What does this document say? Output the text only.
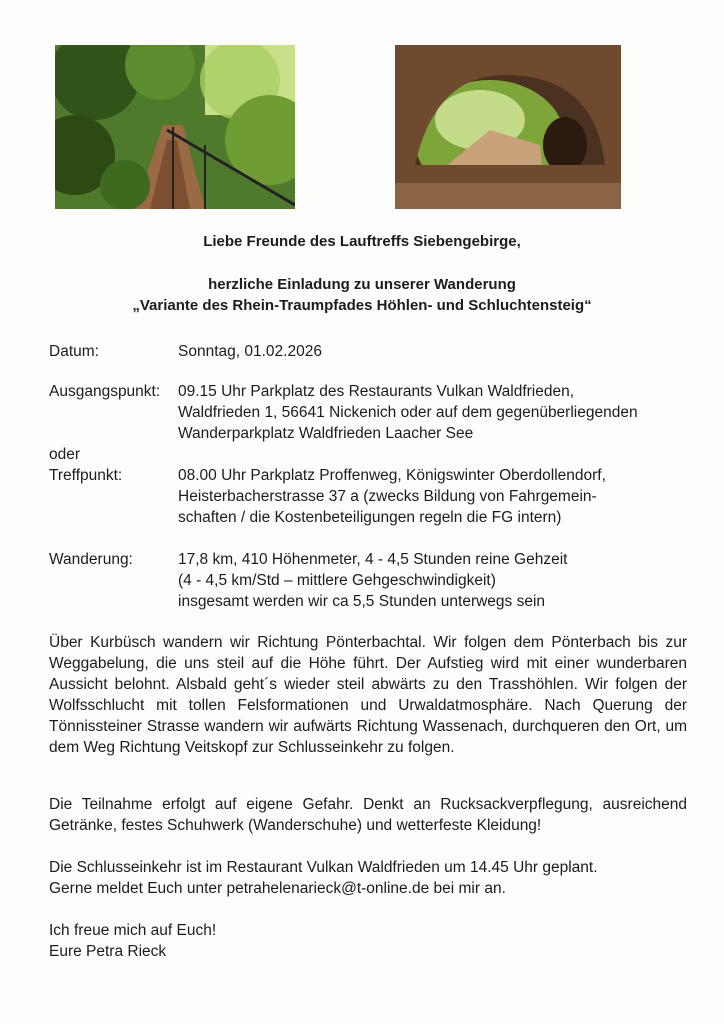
Liebe Freunde des Lauftreffs Siebengebirge,
herzliche Einladung zu unserer Wanderung
„Variante des Rhein-Traumpfades Höhlen- und Schluchtensteig“
Datum:	Sonntag, 01.02.2026
Ausgangspunkt: 09.15 Uhr Parkplatz des Restaurants Vulkan Waldfrieden,
Waldfrieden 1, 56641 Nickenich oder auf dem gegenüberliegenden
Wanderparkplatz Waldfrieden Laacher See
oder
Treffpunkt:	08.00 Uhr Parkplatz Proffenweg, Königswinter Oberdollendorf,
Heisterbacherstrasse 37 a (zwecks Bildung von Fahrgemein-
schaften / die Kostenbeteiligungen regeln die FG intern)
Wanderung:	17,8 km, 410 Höhenmeter, 4 - 4,5 Stunden reine Gehzeit
(4 - 4,5 km/Std – mittlere Gehgeschwindigkeit)
insgesamt werden wir ca 5,5 Stunden unterwegs sein
Über Kurbüsch wandern wir Richtung Pönterbachtal. Wir folgen dem Pönterbach bis zur Weggabelung, die uns steil auf die Höhe führt. Der Aufstieg wird mit einer wunderbaren Aussicht belohnt. Alsbald geht´s wieder steil abwärts zu den Trasshöhlen. Wir folgen der Wolfsschlucht mit tollen Felsformationen und Urwaldatmosphäre. Nach Querung der Tönnissteiner Strasse wandern wir aufwärts Richtung Wassenach, durchqueren den Ort, um dem Weg Richtung Veitskopf zur Schlusseinkehr zu folgen.
Die Teilnahme erfolgt auf eigene Gefahr. Denkt an Rucksackverpflegung, ausreichend Getränke, festes Schuhwerk (Wanderschuhe) und wetterfeste Kleidung!
Die Schlusseinkehr ist im Restaurant Vulkan Waldfrieden um 14.45 Uhr geplant.
Gerne meldet Euch unter petrahelenarieck@t-online.de bei mir an.
Ich freue mich auf Euch!
Eure Petra Rieck
